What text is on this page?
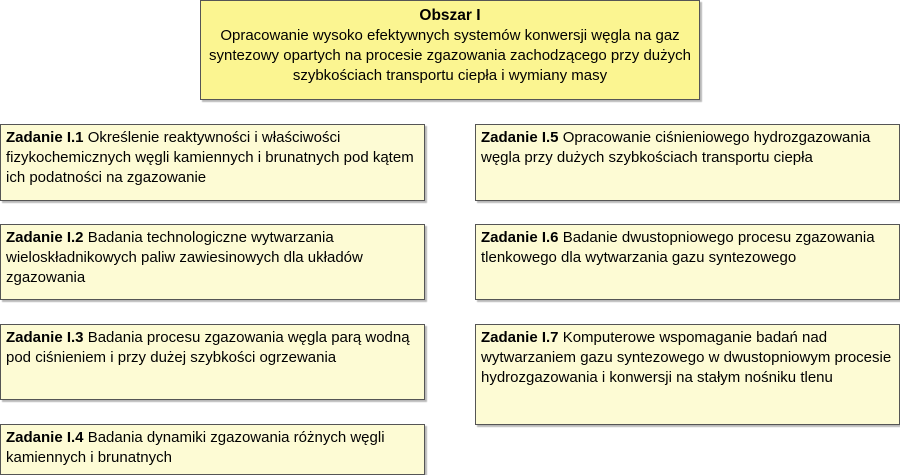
Obszar I
Opracowanie wysoko efektywnych systemów konwersji węgla na gaz syntezowy opartych na procesie zgazowania zachodzącego przy dużych szybkościach transportu ciepła i wymiany masy
Zadanie I.1 Określenie reaktywności i właściwości fizykochemicznych węgli kamiennych i brunatnych pod kątem ich podatności na zgazowanie
Zadanie I.2 Badania technologiczne wytwarzania wieloskładnikowych paliw zawiesinowych dla układów zgazowania
Zadanie I.3 Badania procesu zgazowania węgla parą wodną pod ciśnieniem i przy dużej szybkości ogrzewania
Zadanie I.4 Badania dynamiki zgazowania różnych węgli kamiennych i brunatnych
Zadanie I.5 Opracowanie ciśnieniowego hydrozgazowania węgla przy dużych szybkościach transportu ciepła
Zadanie I.6 Badanie dwustopniowego procesu zgazowania tlenkowego dla wytwarzania gazu syntezowego
Zadanie I.7 Komputerowe wspomaganie badań nad wytwarzaniem gazu syntezowego w dwustopniowym procesie hydrozgazowania i konwersji na stałym nośniku tlenu
